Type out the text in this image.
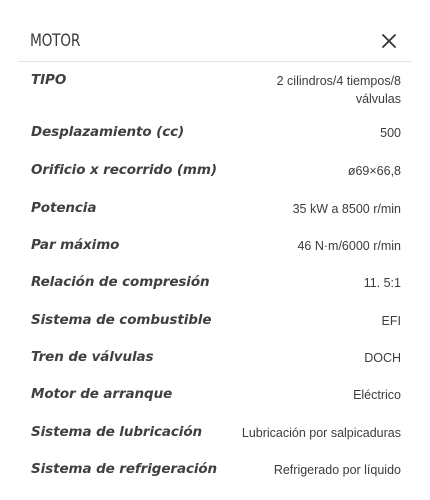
MOTOR
TIPO	2 cilindros/4 tiempos/8 válvulas
Desplazamiento (cc)	500
Orificio x recorrido (mm)	ø69×66,8
Potencia	35 kW a 8500 r/min
Par máximo	46 N·m/6000 r/min
Relación de compresión	11. 5:1
Sistema de combustible	EFI
Tren de válvulas	DOCH
Motor de arranque	Eléctrico
Sistema de lubricación	Lubricación por salpicaduras
Sistema de refrigeración	Refrigerado por líquido
